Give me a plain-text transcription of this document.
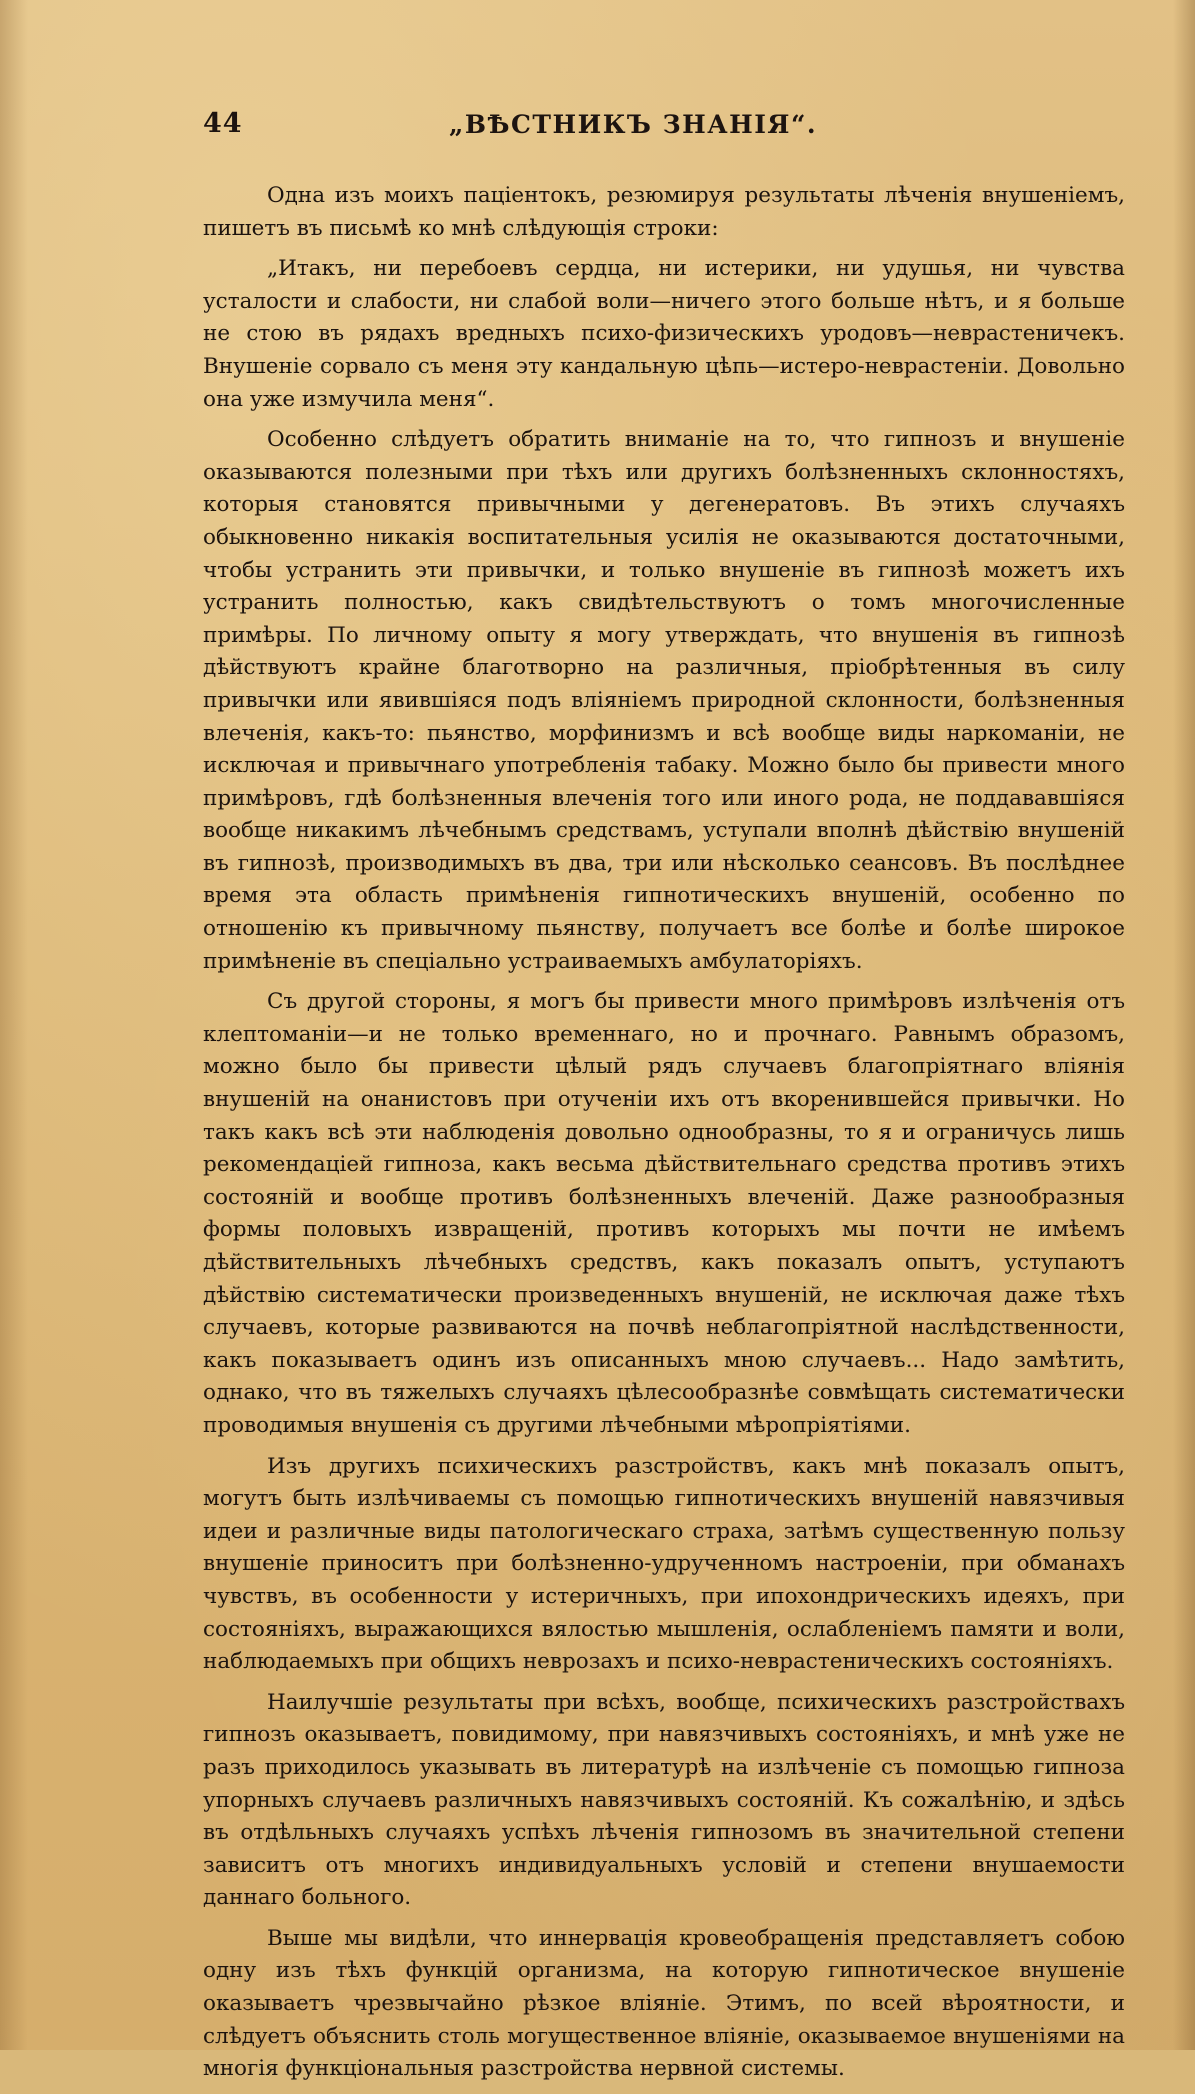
44	„ВѢСТНИКЪ ЗНАНІЯ“.

Одна изъ моихъ паціентокъ, резюмируя результаты лѣченія внушеніемъ, пишетъ въ письмѣ ко мнѣ слѣдующія строки:

„Итакъ, ни перебоевъ сердца, ни истерики, ни удушья, ни чувства усталости и слабости, ни слабой воли—ничего этого больше нѣтъ, и я больше не стою въ рядахъ вредныхъ психо-физическихъ уродовъ—неврастеничекъ. Внушеніе сорвало съ меня эту кандальную цѣпь—истеро-неврастеніи. Довольно она уже измучила меня“.

Особенно слѣдуетъ обратить вниманіе на то, что гипнозъ и внушеніе оказываются полезными при тѣхъ или другихъ болѣзненныхъ склонностяхъ, которыя становятся привычными у дегенератовъ. Въ этихъ случаяхъ обыкновенно никакія воспитательныя усилія не оказываются достаточными, чтобы устранить эти привычки, и только внушеніе въ гипнозѣ можетъ ихъ устранить полностью, какъ свидѣтельствуютъ о томъ многочисленные примѣры. По личному опыту я могу утверждать, что внушенія въ гипнозѣ дѣйствуютъ крайне благотворно на различныя, пріобрѣтенныя въ силу привычки или явившіяся подъ вліяніемъ природной склонности, болѣзненныя влеченія, какъ-то: пьянство, морфинизмъ и всѣ вообще виды наркоманіи, не исключая и привычнаго употребленія табаку. Можно было бы привести много примѣровъ, гдѣ болѣзненныя влеченія того или иного рода, не поддававшіяся вообще никакимъ лѣчебнымъ средствамъ, уступали вполнѣ дѣйствію внушеній въ гипнозѣ, производимыхъ въ два, три или нѣсколько сеансовъ. Въ послѣднее время эта область примѣненія гипнотическихъ внушеній, особенно по отношенію къ привычному пьянству, получаетъ все болѣе и болѣе широкое примѣненіе въ спеціально устраиваемыхъ амбулаторіяхъ.

Съ другой стороны, я могъ бы привести много примѣровъ излѣченія отъ клептоманіи—и не только временнаго, но и прочнаго. Равнымъ образомъ, можно было бы привести цѣлый рядъ случаевъ благопріятнаго вліянія внушеній на онанистовъ при отученіи ихъ отъ вкоренившейся привычки. Но такъ какъ всѣ эти наблюденія довольно однообразны, то я и ограничусь лишь рекомендаціей гипноза, какъ весьма дѣйствительнаго средства противъ этихъ состояній и вообще противъ болѣзненныхъ влеченій. Даже разнообразныя формы половыхъ извращеній, противъ которыхъ мы почти не имѣемъ дѣйствительныхъ лѣчебныхъ средствъ, какъ показалъ опытъ, уступаютъ дѣйствію систематически произведенныхъ внушеній, не исключая даже тѣхъ случаевъ, которые развиваются на почвѣ неблагопріятной наслѣдственности, какъ показываетъ одинъ изъ описанныхъ мною случаевъ... Надо замѣтить, однако, что въ тяжелыхъ случаяхъ цѣлесообразнѣе совмѣщать систематически проводимыя внушенія съ другими лѣчебными мѣропріятіями.

Изъ другихъ психическихъ разстройствъ, какъ мнѣ показалъ опытъ, могутъ быть излѣчиваемы съ помощью гипнотическихъ внушеній навязчивыя идеи и различные виды патологическаго страха, затѣмъ существенную пользу внушеніе приноситъ при болѣзненно-удрученномъ настроеніи, при обманахъ чувствъ, въ особенности у истеричныхъ, при ипохондрическихъ идеяхъ, при состояніяхъ, выражающихся вялостью мышленія, ослабленіемъ памяти и воли, наблюдаемыхъ при общихъ неврозахъ и психо-неврастеническихъ состояніяхъ.

Наилучшіе результаты при всѣхъ, вообще, психическихъ разстройствахъ гипнозъ оказываетъ, повидимому, при навязчивыхъ состояніяхъ, и мнѣ уже не разъ приходилось указывать въ литературѣ на излѣченіе съ помощью гипноза упорныхъ случаевъ различныхъ навязчивыхъ состояній. Къ сожалѣнію, и здѣсь въ отдѣльныхъ случаяхъ успѣхъ лѣченія гипнозомъ въ значительной степени зависитъ отъ многихъ индивидуальныхъ условій и степени внушаемости даннаго больного.

Выше мы видѣли, что иннервація кровеобращенія представляетъ собою одну изъ тѣхъ функцій организма, на которую гипнотическое внушеніе оказываетъ чрезвычайно рѣзкое вліяніе. Этимъ, по всей вѣроятности, и слѣдуетъ объяснить столь могущественное вліяніе, оказываемое внушеніями на многія функціональныя разстройства нервной системы.
